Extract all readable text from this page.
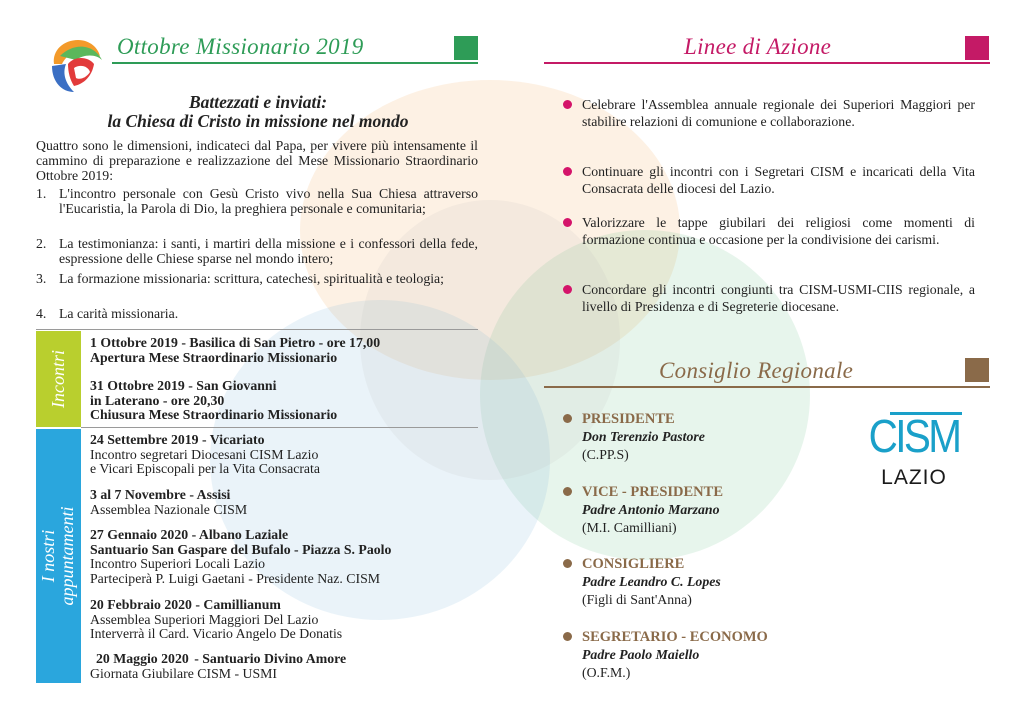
Ottobre Missionario 2019	Linee di Azione
Battezzati e inviati:
la Chiesa di Cristo in missione nel mondo
Quattro sono le dimensioni, indicateci dal Papa, per vivere più intensamente il cammino di preparazione e realizzazione del Mese Missionario Straordinario Ottobre 2019:
1. L'incontro personale con Gesù Cristo vivo nella Sua Chiesa attraverso l'Eucaristia, la Parola di Dio, la preghiera personale e comunitaria;
2. La testimonianza: i santi, i martiri della missione e i confessori della fede, espressione delle Chiese sparse nel mondo intero;
3. La formazione missionaria: scrittura, catechesi, spiritualità e teologia;
4. La carità missionaria.
Incontri
1 Ottobre 2019 - Basilica di San Pietro - ore 17,00
Apertura Mese Straordinario Missionario
31 Ottobre 2019 - San Giovanni
in Laterano - ore 20,30
Chiusura Mese Straordinario Missionario
I nostri appuntamenti
24 Settembre 2019 - Vicariato
Incontro segretari Diocesani CISM Lazio
e Vicari Episcopali per la Vita Consacrata
3 al 7 Novembre - Assisi
Assemblea Nazionale CISM
27 Gennaio 2020 - Albano Laziale
Santuario San Gaspare del Bufalo - Piazza S. Paolo
Incontro Superiori Locali Lazio
Parteciperà P. Luigi Gaetani - Presidente Naz. CISM
20 Febbraio 2020 - Camillianum
Assemblea Superiori Maggiori Del Lazio
Interverrà il Card. Vicario Angelo De Donatis
20 Maggio 2020 - Santuario Divino Amore
Giornata Giubilare CISM - USMI
Celebrare l'Assemblea annuale regionale dei Superiori Maggiori per stabilire relazioni di comunione e collaborazione.
Continuare gli incontri con i Segretari CISM e incaricati della Vita Consacrata delle diocesi del Lazio.
Valorizzare le tappe giubilari dei religiosi come momenti di formazione continua e occasione per la condivisione dei carismi.
Concordare gli incontri congiunti tra CISM-USMI-CIIS regionale, a livello di Presidenza e di Segreterie diocesane.
Consiglio Regionale
PRESIDENTE
Don Terenzio Pastore
(C.PP.S)
VICE - PRESIDENTE
Padre Antonio Marzano
(M.I. Camilliani)
CONSIGLIERE
Padre Leandro C. Lopes
(Figli di Sant'Anna)
SEGRETARIO - ECONOMO
Padre Paolo Maiello
(O.F.M.)
CISM
LAZIO
